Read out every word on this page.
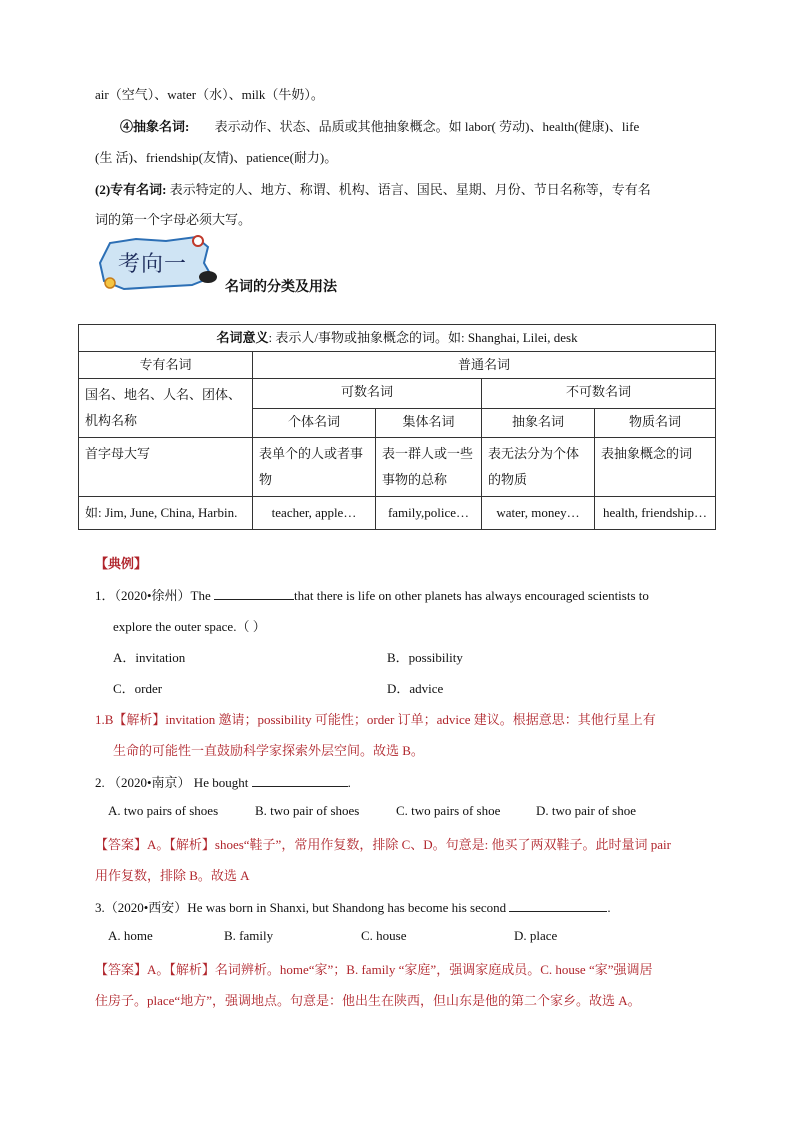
air（空气）、water（水）、milk（牛奶）。
④抽象名词: 表示动作、状态、品质或其他抽象概念。如 labor( 劳动)、health(健康)、life
(生 活)、friendship(友情)、patience(耐力)。
(2)专有名词: 表示特定的人、地方、称谓、机构、语言、国民、星期、月份、节日名称等，专有名
词的第一个字母必须大写。
考向一
名词的分类及用法
名词意义: 表示人/事物或抽象概念的词。如: Shanghai, Lilei, desk				
专有名词	普通名词			
国名、地名、人名、团体、机构名称	可数名词		不可数名词	
	个体名词	集体名词	抽象名词	物质名词
首字母大写	表单个的人或者事物	表一群人或一些事物的总称	表无法分为个体的物质	表抽象概念的词
如: Jim, June, China, Harbin.	teacher, apple…	family,police…	water, money…	health, friendship…
【典例】
1．（2020•徐州）The	that there is life on other planets has always encouraged scientists to
explore the outer space.（ ）
A．invitation	B．possibility
C．order	D．advice
1.B【解析】invitation 邀请；possibility 可能性；order 订单；advice 建议。根据意思：其他行星上有
生命的可能性一直鼓励科学家探索外层空间。故选 B。
2. （2020•南京） He bought	.
A. two pairs of shoes	B. two pair of shoes	C. two pairs of shoe	D. two pair of shoe
【答案】A。【解析】shoes“鞋子”，常用作复数，排除 C、D。句意是: 他买了两双鞋子。此时量词 pair
用作复数，排除 B。故选 A
3.（2020•西安）He was born in Shanxi, but Shandong has become his second	.
A. home	B. family	C. house	D. place
【答案】A。【解析】名词辨析。home“家”；B. family “家庭”，强调家庭成员。C. house “家”强调居
住房子。place“地方”，强调地点。句意是：他出生在陕西，但山东是他的第二个家乡。故选 A。
